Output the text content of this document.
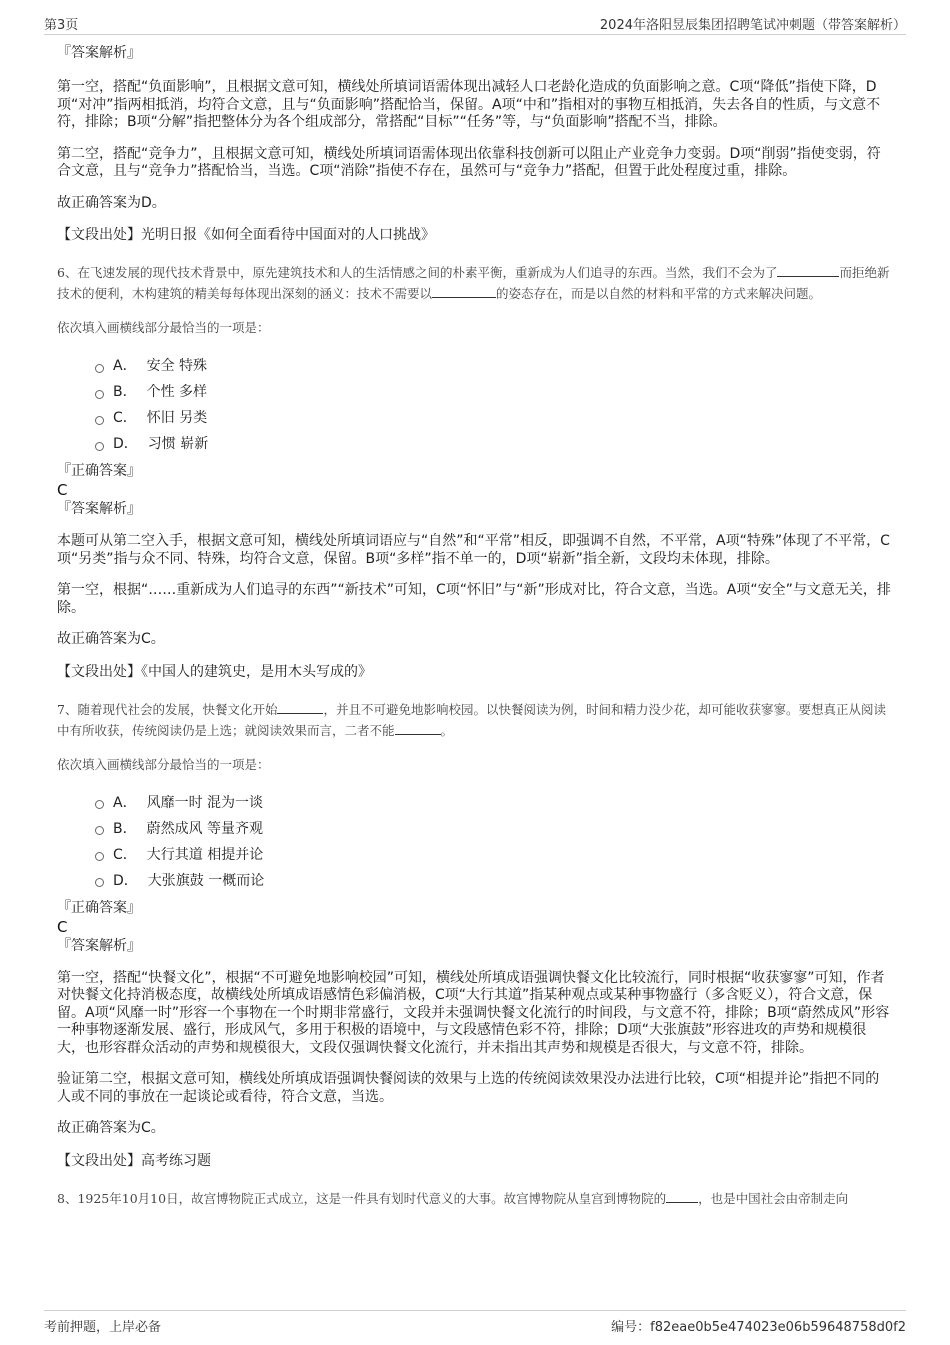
第3页	2024年洛阳昱辰集团招聘笔试冲刺题（带答案解析）
『答案解析』

第一空，搭配“负面影响”，且根据文意可知，横线处所填词语需体现出减轻人口老龄化造成的负面影响之意。C项“降低”指使下降，D项“对冲”指两相抵消，均符合文意，且与“负面影响”搭配恰当，保留。A项“中和”指相对的事物互相抵消，失去各自的性质，与文意不符，排除；B项“分解”指把整体分为各个组成部分，常搭配“目标”“任务”等，与“负面影响”搭配不当，排除。

第二空，搭配“竞争力”，且根据文意可知，横线处所填词语需体现出依靠科技创新可以阻止产业竞争力变弱。D项“削弱”指使变弱，符合文意，且与“竞争力”搭配恰当，当选。C项“消除”指使不存在，虽然可与“竞争力”搭配，但置于此处程度过重，排除。

故正确答案为D。

【文段出处】光明日报《如何全面看待中国面对的人口挑战》

6、在飞速发展的现代技术背景中，原先建筑技术和人的生活情感之间的朴素平衡，重新成为人们追寻的东西。当然，我们不会为了	而拒绝新技术的便利，木构建筑的精美每每体现出深刻的涵义：技术不需要以	的姿态存在，而是以自然的材料和平常的方式来解决问题。

依次填入画横线部分最恰当的一项是：

A． 安全 特殊
B． 个性 多样
C． 怀旧 另类
D． 习惯 崭新
『正确答案』
C
『答案解析』

本题可从第二空入手，根据文意可知，横线处所填词语应与“自然”和“平常”相反，即强调不自然，不平常，A项“特殊”体现了不平常，C项“另类”指与众不同、特殊，均符合文意，保留。B项“多样”指不单一的，D项“崭新”指全新，文段均未体现，排除。

第一空，根据“……重新成为人们追寻的东西”“新技术”可知，C项“怀旧”与“新”形成对比，符合文意，当选。A项“安全”与文意无关，排除。

故正确答案为C。

【文段出处】《中国人的建筑史，是用木头写成的》

7、随着现代社会的发展，快餐文化开始	，并且不可避免地影响校园。以快餐阅读为例，时间和精力没少花，却可能收获寥寥。要想真正从阅读中有所收获，传统阅读仍是上选；就阅读效果而言，二者不能	。

依次填入画横线部分最恰当的一项是：

A． 风靡一时 混为一谈
B． 蔚然成风 等量齐观
C． 大行其道 相提并论
D． 大张旗鼓 一概而论
『正确答案』
C
『答案解析』

第一空，搭配“快餐文化”，根据“不可避免地影响校园”可知，横线处所填成语强调快餐文化比较流行，同时根据“收获寥寥”可知，作者对快餐文化持消极态度，故横线处所填成语感情色彩偏消极，C项“大行其道”指某种观点或某种事物盛行（多含贬义），符合文意，保留。A项“风靡一时”形容一个事物在一个时期非常盛行，文段并未强调快餐文化流行的时间段，与文意不符，排除；B项“蔚然成风”形容一种事物逐渐发展、盛行，形成风气，多用于积极的语境中，与文段感情色彩不符，排除；D项“大张旗鼓”形容进攻的声势和规模很大，也形容群众活动的声势和规模很大，文段仅强调快餐文化流行，并未指出其声势和规模是否很大，与文意不符，排除。

验证第二空，根据文意可知，横线处所填成语强调快餐阅读的效果与上选的传统阅读效果没办法进行比较，C项“相提并论”指把不同的人或不同的事放在一起谈论或看待，符合文意，当选。

故正确答案为C。

【文段出处】高考练习题

8、1925年10月10日，故宫博物院正式成立，这是一件具有划时代意义的大事。故宫博物院从皇宫到博物院的	，也是中国社会由帝制走向

考前押题，上岸必备	编号：f82eae0b5e474023e06b59648758d0f2
